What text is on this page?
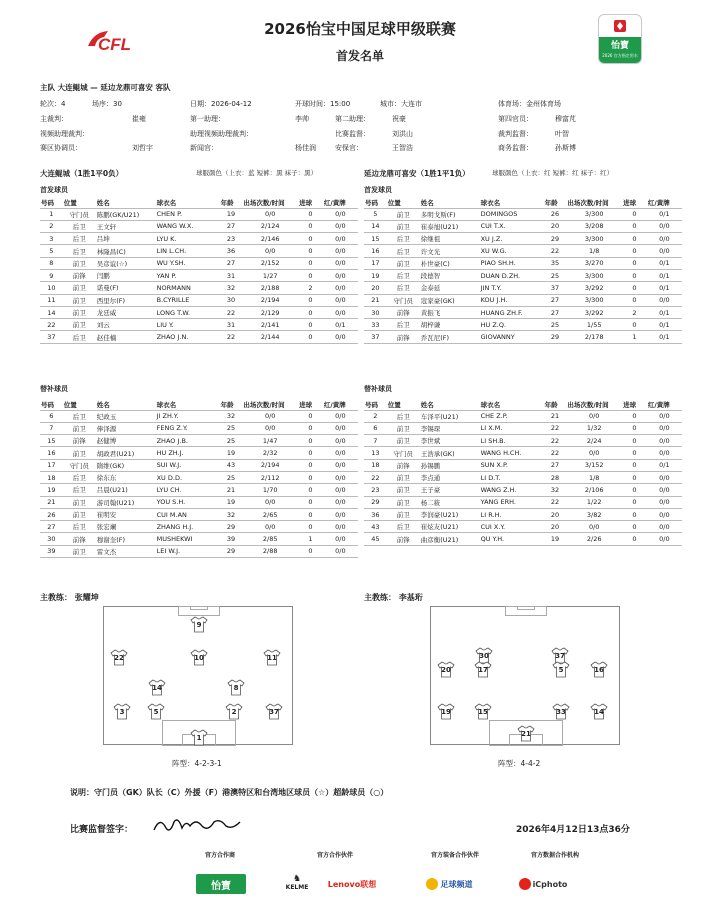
CFL	怡寶
2026 官方指定用水
2026怡宝中国足球甲级联赛
首发名单
主队 大连鲲城 — 延边龙鼎可喜安 客队
轮次：4	场序：30	日期：2026-04-12	开球时间：15:00	城市：大连市	体育场：金州体育场
主裁判：	崔雍	第一助理：	李帅	第二助理：	祝豪	第四官员：	穆富芃
视频助理裁判：	助理视频助理裁判：	比赛监督：	刘洪山	裁判监督：	叶智
赛区协调员：	刘哲宇	新闻官：	杨佳润	安保官：	王智浩	商务监督：	孙斯博
大连鲲城（1胜1平0负）	球服颜色（上衣：蓝 短裤：黑 袜子：黑）
首发球员
延边龙鼎可喜安（1胜1平1负）	球服颜色（上衣：红 短裤：红 袜子：红）
首发球员
号码	位置	姓名	球衣名	年龄	出场次数/时间	进球	红/黄牌
1	守门员	陈鹏(GK/U21)	CHEN P.	19	0/0	0	0/0
2	后卫	王文轩	WANG W.X.	27	2/124	0	0/0
3	后卫	吕坤	LYU K.	23	2/146	0	0/0
5	后卫	林隆昌(C)	LIN L.CH.	36	0/0	0	0/0
8	前卫	吴彦谊(☆)	WU Y.SH.	27	2/152	0	0/0
9	前锋	闫鹏	YAN P.	31	1/27	0	0/0
10	前卫	诺曼(F)	NORMANN	32	2/188	2	0/0
11	前卫	西里尔(F)	B.CYRILLE	30	2/194	0	0/0
14	前卫	龙廷威	LONG T.W.	22	2/129	0	0/0
22	前卫	刘云	LIU Y.	31	2/141	0	0/1
37	后卫	赵佳楠	ZHAO J.N.	22	2/144	0	0/0
号码	位置	姓名	球衣名	年龄	出场次数/时间	进球	红/黄牌
5	前卫	多明戈斯(F)	DOMINGOS	26	3/300	0	0/1
14	前卫	崔泰旭(U21)	CUI T.X.	20	3/208	0	0/0
15	后卫	徐继祖	XU J.Z.	29	3/300	0	0/0
16	后卫	许文光	XU W.G.	22	1/8	0	0/0
17	前卫	朴世豪(C)	PIAO SH.H.	35	3/270	0	0/1
19	后卫	段德智	DUAN D.ZH.	25	3/300	0	0/1
20	后卫	金泰延	JIN T.Y.	37	3/292	0	0/1
21	守门员	寇家豪(GK)	KOU J.H.	27	3/300	0	0/0
30	前锋	黄振飞	HUANG ZH.F.	27	3/292	2	0/1
33	后卫	胡梓谦	HU Z.Q.	25	1/55	0	0/1
37	前锋	乔瓦尼(F)	GIOVANNY	29	2/178	1	0/1
替补球员	替补球员
号码	位置	姓名	球衣名	年龄	出场次数/时间	进球	红/黄牌
6	后卫	纪政玉	JI ZH.Y.	32	0/0	0	0/0
7	前卫	俸泽源	FENG Z.Y.	25	0/0	0	0/0
15	前锋	赵健博	ZHAO J.B.	25	1/47	0	0/0
16	前卫	胡政君(U21)	HU ZH.J.	19	2/32	0	0/0
17	守门员	隋维(GK)	SUI W.J.	43	2/194	0	0/0
18	后卫	徐东东	XU D.D.	25	2/112	0	0/0
19	后卫	吕晨(U21)	LYU CH.	21	1/70	0	0/0
21	前卫	游司翰(U21)	YOU S.H.	19	0/0	0	0/0
26	前卫	崔明安	CUI M.AN	32	2/65	0	0/0
27	后卫	张宏斓	ZHANG H.J.	29	0/0	0	0/0
30	前锋	穆谢奎(F)	MUSHEKWI	39	2/85	1	0/0
39	前卫	雷文杰	LEI W.J.	29	2/88	0	0/0
号码	位置	姓名	球衣名	年龄	出场次数/时间	进球	红/黄牌
2	后卫	车泽平(U21)	CHE Z.P.	21	0/0	0	0/0
6	前卫	李锡琛	LI X.M.	22	1/32	0	0/0
7	前卫	李世斌	LI SH.B.	22	2/24	0	0/0
13	守门员	王浩承(GK)	WANG H.CH.	22	0/0	0	0/0
18	前锋	孙锡鹏	SUN X.P.	27	3/152	0	0/1
22	前卫	李点通	LI D.T.	28	1/8	0	0/0
23	前卫	王子豪	WANG Z.H.	32	2/106	0	0/0
29	前卫	杨二筱	YANG ERH.	22	1/22	0	0/0
36	前卫	李润豪(U21)	LI R.H.	20	3/82	0	0/0
43	后卫	崔炫友(U21)	CUI X.Y.	20	0/0	0	0/0
45	前锋	曲彦衡(U21)	QU Y.H.	19	2/26	0	0/0
主教练： 张耀坤	主教练： 李基珩
9
22	10	11
14	8
3	5	2	37
1
30	37
20	17	5	16
19	15	33	14
21
阵型：4-2-3-1	阵型：4-4-2
说明：守门员（GK）队长（C）外援（F）港澳特区和台湾地区球员（☆）超龄球员（○）
比赛监督签字：	2026年4月12日13点36分
官方合作商	官方合作伙伴	官方装备合作伙伴	官方数据合作机构
怡寶
♞
KELME	Lenovo联想	足球频道	iCphoto
